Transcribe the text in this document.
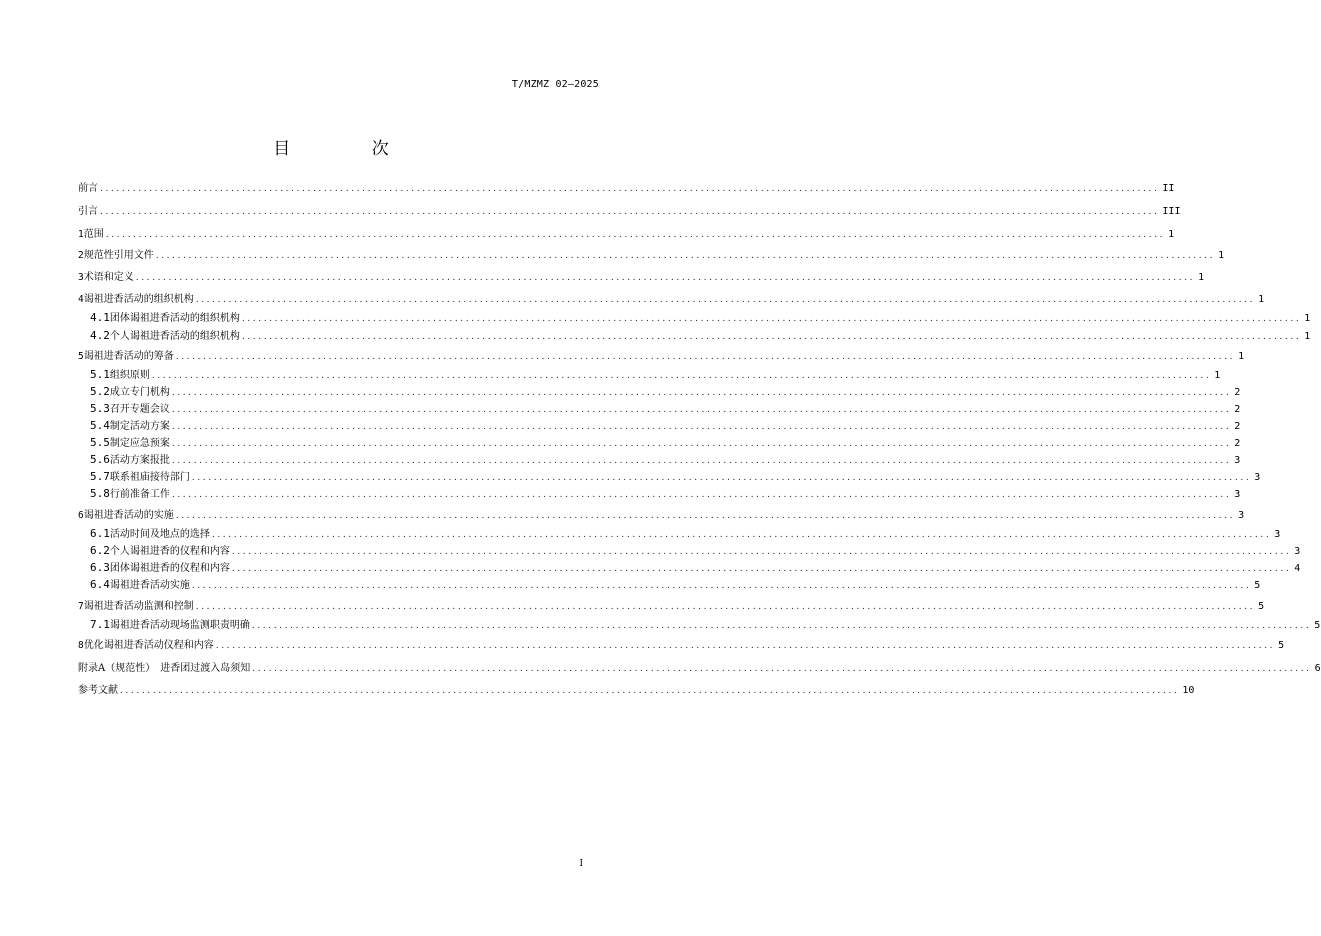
T/MZMZ 02—2025
目 次
前言 .................................................................................................................................................................................................. II
引言 .................................................................................................................................................................................................. III
1 范围 .................................................................................................................................................................................................. 1
2 规范性引用文件 .................................................................................................................................................................................................. 1
3 术语和定义 .................................................................................................................................................................................................. 1
4 谒祖进香活动的组织机构 .................................................................................................................................................................................................. 1
4.1 团体谒祖进香活动的组织机构 .................................................................................................................................................................................................. 1
4.2 个人谒祖进香活动的组织机构 .................................................................................................................................................................................................. 1
5 谒祖进香活动的筹备 .................................................................................................................................................................................................. 1
5.1 组织原则 .................................................................................................................................................................................................. 1
5.2 成立专门机构 .................................................................................................................................................................................................. 2
5.3 召开专题会议 .................................................................................................................................................................................................. 2
5.4 制定活动方案 .................................................................................................................................................................................................. 2
5.5 制定应急预案 .................................................................................................................................................................................................. 2
5.6 活动方案报批 .................................................................................................................................................................................................. 3
5.7 联系祖庙接待部门 .................................................................................................................................................................................................. 3
5.8 行前准备工作 .................................................................................................................................................................................................. 3
6 谒祖进香活动的实施 .................................................................................................................................................................................................. 3
6.1 活动时间及地点的选择 .................................................................................................................................................................................................. 3
6.2 个人谒祖进香的仪程和内容 .................................................................................................................................................................................................. 3
6.3 团体谒祖进香的仪程和内容 .................................................................................................................................................................................................. 4
6.4 谒祖进香活动实施 .................................................................................................................................................................................................. 5
7 谒祖进香活动监测和控制 .................................................................................................................................................................................................. 5
7.1 谒祖进香活动现场监测职责明确 .................................................................................................................................................................................................. 5
8 优化谒祖进香活动仪程和内容 .................................................................................................................................................................................................. 5
附录A（规范性）　进香团过渡入岛须知 .................................................................................................................................................................................................. 6
参考文献 .................................................................................................................................................................................................. 10
I
